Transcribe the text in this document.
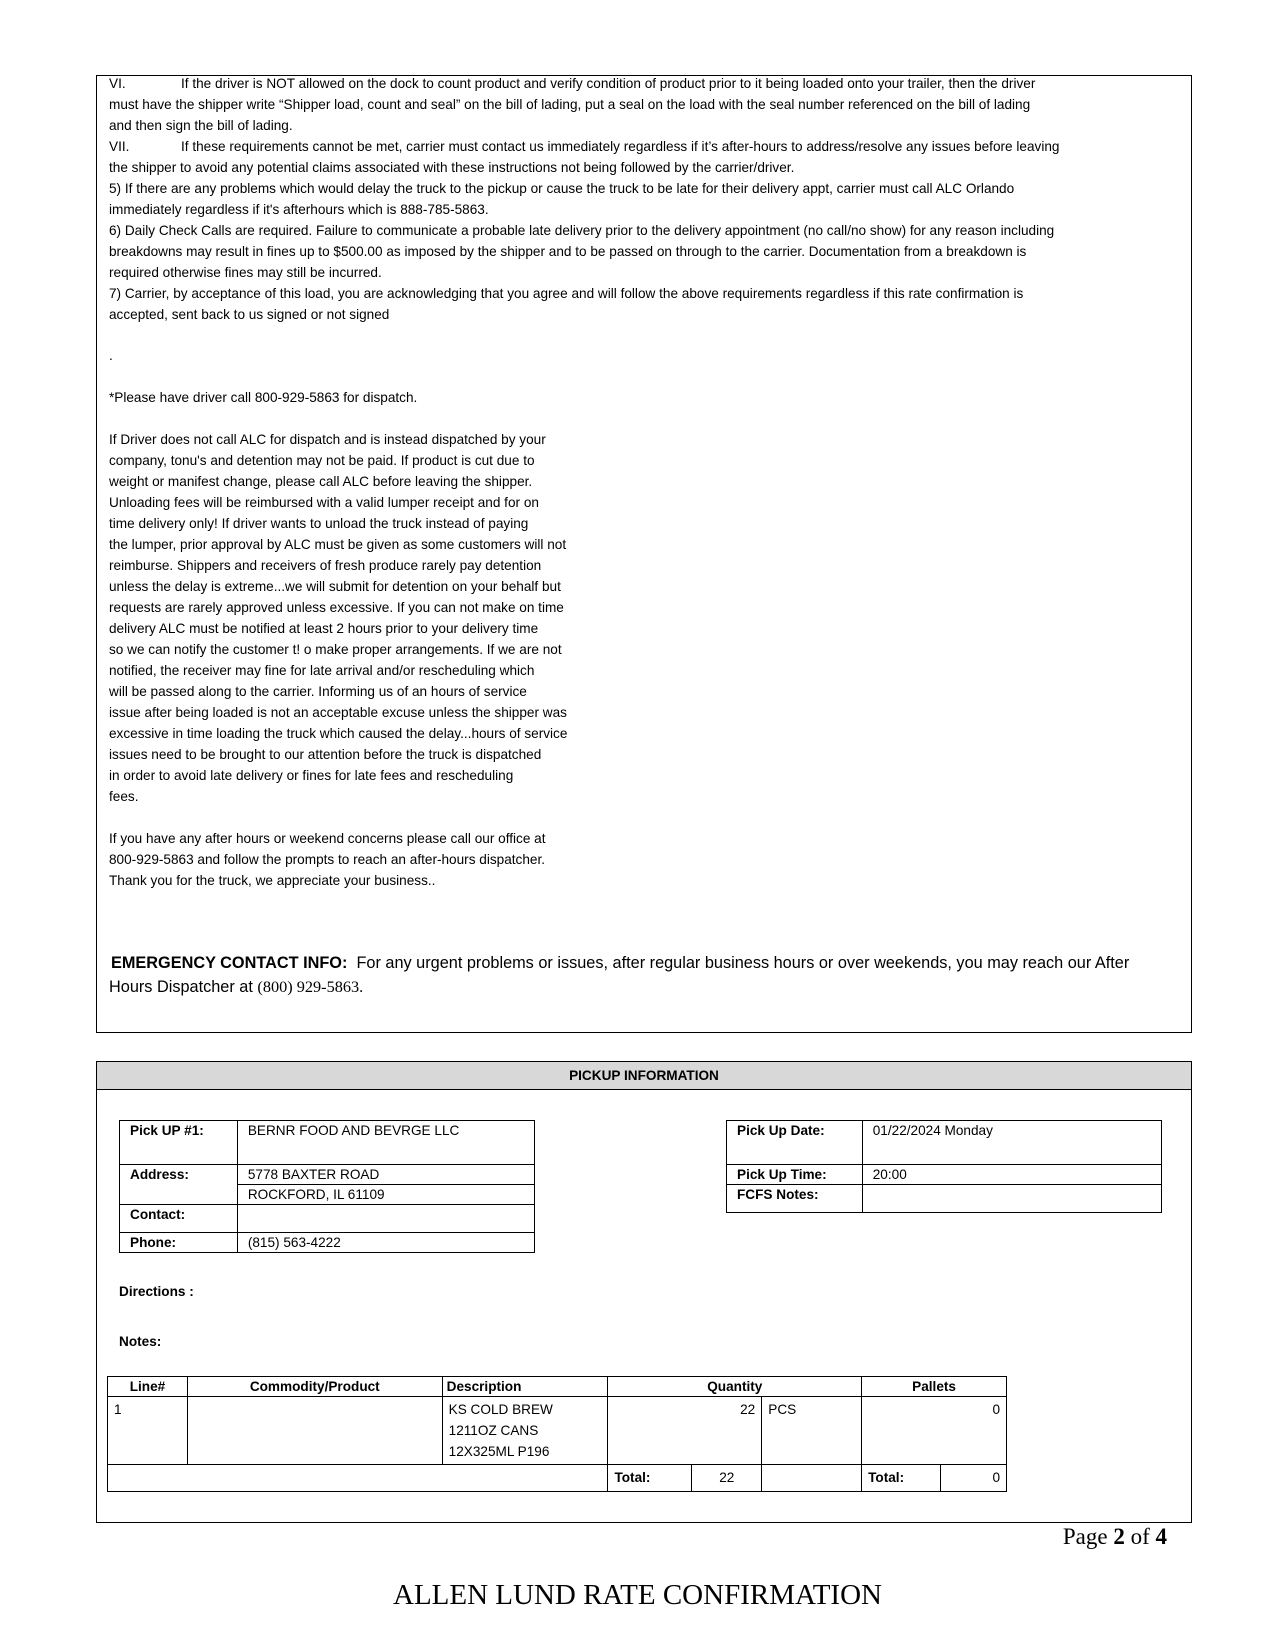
VI.	If the driver is NOT allowed on the dock to count product and verify condition of product prior to it being loaded onto your trailer, then the driver
must have the shipper write “Shipper load, count and seal” on the bill of lading, put a seal on the load with the seal number referenced on the bill of lading
and then sign the bill of lading.
VII.	If these requirements cannot be met, carrier must contact us immediately regardless if it’s after-hours to address/resolve any issues before leaving
the shipper to avoid any potential claims associated with these instructions not being followed by the carrier/driver.
5) If there are any problems which would delay the truck to the pickup or cause the truck to be late for their delivery appt, carrier must call ALC Orlando
immediately regardless if it's afterhours which is 888-785-5863.
6) Daily Check Calls are required. Failure to communicate a probable late delivery prior to the delivery appointment (no call/no show) for any reason including
breakdowns may result in fines up to $500.00 as imposed by the shipper and to be passed on through to the carrier. Documentation from a breakdown is
required otherwise fines may still be incurred.
7) Carrier, by acceptance of this load, you are acknowledging that you agree and will follow the above requirements regardless if this rate confirmation is
accepted, sent back to us signed or not signed
.
*Please have driver call 800-929-5863 for dispatch.
If Driver does not call ALC for dispatch and is instead dispatched by your
company, tonu's and detention may not be paid. If product is cut due to
weight or manifest change, please call ALC before leaving the shipper.
Unloading fees will be reimbursed with a valid lumper receipt and for on
time delivery only! If driver wants to unload the truck instead of paying
the lumper, prior approval by ALC must be given as some customers will not
reimburse. Shippers and receivers of fresh produce rarely pay detention
unless the delay is extreme...we will submit for detention on your behalf but
requests are rarely approved unless excessive. If you can not make on time
delivery ALC must be notified at least 2 hours prior to your delivery time
so we can notify the customer t! o make proper arrangements. If we are not
notified, the receiver may fine for late arrival and/or rescheduling which
will be passed along to the carrier. Informing us of an hours of service
issue after being loaded is not an acceptable excuse unless the shipper was
excessive in time loading the truck which caused the delay...hours of service
issues need to be brought to our attention before the truck is dispatched
in order to avoid late delivery or fines for late fees and rescheduling
fees.
If you have any after hours or weekend concerns please call our office at
800-929-5863 and follow the prompts to reach an after-hours dispatcher.
Thank you for the truck, we appreciate your business..
EMERGENCY CONTACT INFO: For any urgent problems or issues, after regular business hours or over weekends, you may reach our After
Hours Dispatcher at (800) 929-5863.
PICKUP INFORMATION
Pick UP #1:	BERNR FOOD AND BEVRGE LLC
Address:	5778 BAXTER ROAD
	ROCKFORD, IL 61109
Contact:	
Phone:	(815) 563-4222
Pick Up Date:	01/22/2024 Monday
Pick Up Time:	20:00
FCFS Notes:	
Directions :
Notes:
Line#	Commodity/Product	Description	Quantity			Pallets	
1		KS COLD BREW
1211OZ CANS
12X325ML P196	22		PCS	0	
			Total:	22		Total:	0
Page 2 of 4
ALLEN LUND RATE CONFIRMATION
